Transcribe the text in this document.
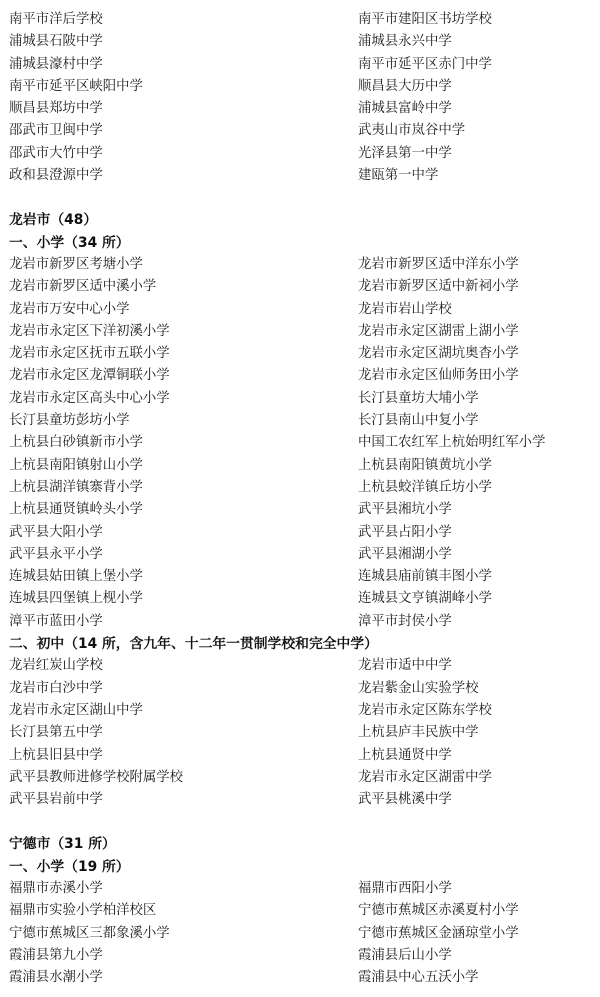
南平市洋后学校	南平市建阳区书坊学校
浦城县石陂中学	浦城县永兴中学
浦城县濠村中学	南平市延平区赤门中学
南平市延平区峡阳中学	顺昌县大历中学
顺昌县郑坊中学	浦城县富岭中学
邵武市卫闽中学	武夷山市岚谷中学
邵武市大竹中学	光泽县第一中学
政和县澄源中学	建瓯第一中学
龙岩市（48）
一、小学（34 所）
龙岩市新罗区考塘小学	龙岩市新罗区适中洋东小学
龙岩市新罗区适中溪小学	龙岩市新罗区适中新祠小学
龙岩市万安中心小学	龙岩市岩山学校
龙岩市永定区下洋初溪小学	龙岩市永定区湖雷上湖小学
龙岩市永定区抚市五联小学	龙岩市永定区湖坑奥杳小学
龙岩市永定区龙潭铜联小学	龙岩市永定区仙师务田小学
龙岩市永定区高头中心小学	长汀县童坊大埔小学
长汀县童坊彭坊小学	长汀县南山中复小学
上杭县白砂镇新市小学	中国工农红军上杭始明红军小学
上杭县南阳镇射山小学	上杭县南阳镇黄坑小学
上杭县湖洋镇寨背小学	上杭县蛟洋镇丘坊小学
上杭县通贤镇岭头小学	武平县湘坑小学
武平县大阳小学	武平县占阳小学
武平县永平小学	武平县湘湖小学
连城县姑田镇上堡小学	连城县庙前镇丰图小学
连城县四堡镇上枧小学	连城县文亨镇湖峰小学
漳平市蓝田小学	漳平市封侯小学
二、初中（14 所，含九年、十二年一贯制学校和完全中学）
龙岩红炭山学校	龙岩市适中中学
龙岩市白沙中学	龙岩紫金山实验学校
龙岩市永定区湖山中学	龙岩市永定区陈东学校
长汀县第五中学	上杭县庐丰民族中学
上杭县旧县中学	上杭县通贤中学
武平县教师进修学校附属学校	龙岩市永定区湖雷中学
武平县岩前中学	武平县桃溪中学
宁德市（31 所）
一、小学（19 所）
福鼎市赤溪小学	福鼎市西阳小学
福鼎市实验小学柏洋校区	宁德市蕉城区赤溪夏村小学
宁德市蕉城区三都象溪小学	宁德市蕉城区金涵琼堂小学
霞浦县第九小学	霞浦县后山小学
霞浦县水潮小学	霞浦县中心五沃小学
